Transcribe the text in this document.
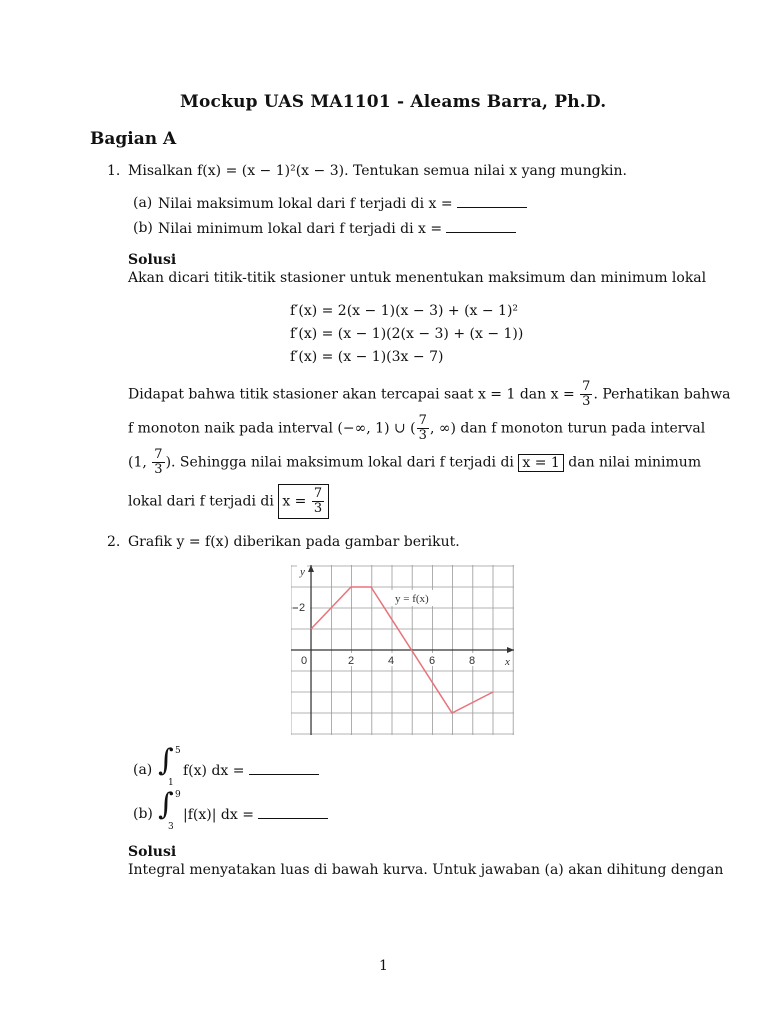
Mockup UAS MA1101 - Aleams Barra, Ph.D.
Bagian A
1. Misalkan f(x) = (x − 1)²(x − 3). Tentukan semua nilai x yang mungkin.
(a) Nilai maksimum lokal dari f terjadi di x =
(b) Nilai minimum lokal dari f terjadi di x =
Solusi
Akan dicari titik-titik stasioner untuk menentukan maksimum dan minimum lokal
f′(x) = 2(x − 1)(x − 3) + (x − 1)²
f′(x) = (x − 1)(2(x − 3) + (x − 1))
f′(x) = (x − 1)(3x − 7)
Didapat bahwa titik stasioner akan tercapai saat x = 1 dan $x = \frac{7}{3}$ . Perhatikan bahwa
f monoton naik pada interval (−∞, 1) ∪ ( $\frac{7}{3}$ , ∞) dan f monoton turun pada interval
(1, $\frac{7}{3}$ ). Sehingga nilai maksimum lokal dari f terjadi di x = 1 dan nilai minimum
lokal dari f terjadi di $x = \frac{7}{3}$
2. Grafik y = f(x) diberikan pada gambar berikut.
y
x
2
0	2	4	6	8
y = f(x)
(a) ∫ 5
1
f(x) dx =
(b) ∫ 9
3
|f(x)| dx =
Solusi
Integral menyatakan luas di bawah kurva. Untuk jawaban (a) akan dihitung dengan
1
